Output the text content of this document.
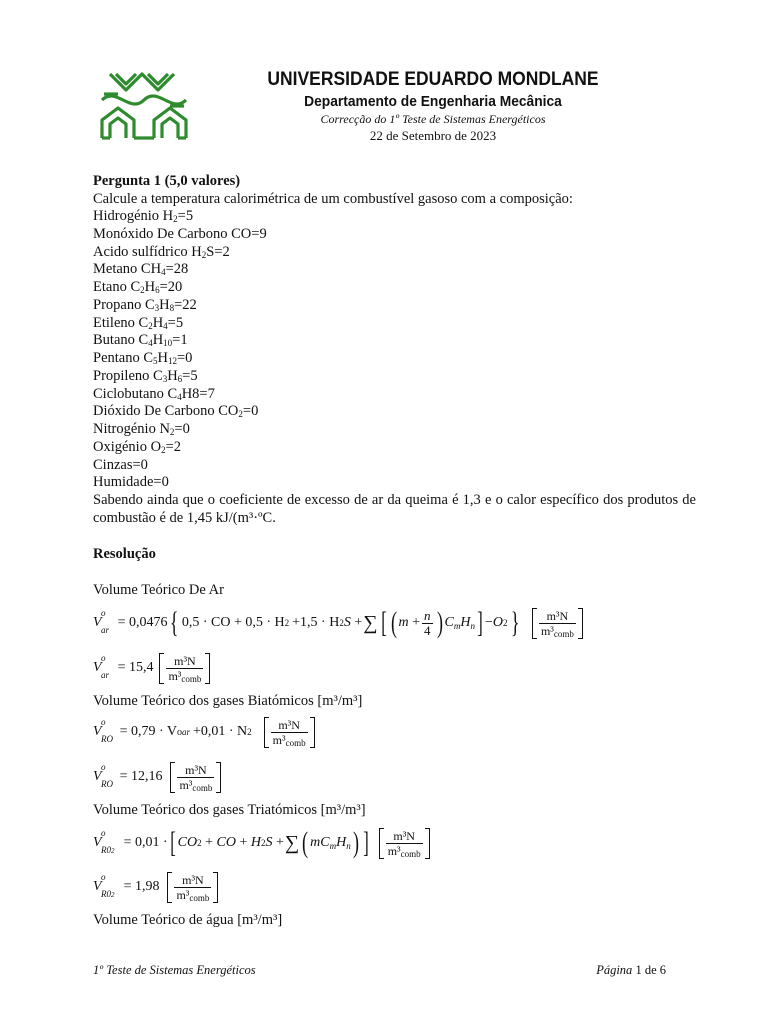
UNIVERSIDADE EDUARDO MONDLANE
Departamento de Engenharia Mecânica
Correcção do 1º Teste de Sistemas Energéticos
22 de Setembro de 2023
Pergunta 1 (5,0 valores)
Calcule a temperatura calorimétrica de um combustível gasoso com a composição:
Hidrogénio $H_2=5$
Monóxido De Carbono CO=9
Acido sulfídrico $H_2S=2$
Metano $CH_4=28$
Etano $C_2H_6=20$
Propano $C_3H_8=22$
Etileno $C_2H_4=5$
Butano $C_4H_{10}=1$
Pentano $C_5H_{12}=0$
Propileno $C_3H_6=5$
Ciclobutano $C_4H8=7$
Dióxido De Carbono $CO_2=0$
Nitrogénio $N_2=0$
Oxigénio $O_2=2$
Cinzas=0
Humidade=0
Sabendo ainda que o coeficiente de excesso de ar da queima é 1,3 e o calor específico dos produtos de combustão é de 1,45 kJ/(m³·ºC.
Resolução
Volume Teórico De Ar
V
o
ar = 0,0476 { 0,5 · CO + 0,5 · H 2 +1,5 · H 2 S + ∑ [ ( $m + \frac{n}{4}$ ) $C_mH_n$ ] − O 2 } $\frac{\text{m³N}}{m^3_{comb}}$
V
o
ar = $15,4 \frac{\text{m³N}}{m^3_{comb}}$
Volume Teórico dos gases Biatómicos [m³/m³]
V
o
RO = 0,79 · V o ar +0,01 · N $2 \frac{\text{m³N}}{m^3_{comb}}$
V
o
RO = $12,16 \frac{\text{m³N}}{m^3_{comb}}$
Volume Teórico dos gases Triatómicos [m³/m³]
V
o
R02
= 0,01 · [ CO 2 + CO + H 2 S + ∑ ( $mC_mH_n$ ) ] $\frac{\text{m³N}}{m^3_{comb}}$
V
o
R02
= $1,98 \frac{\text{m³N}}{m^3_{comb}}$
Volume Teórico de água [m³/m³]
1º Teste de Sistemas Energéticos	Página 1 de 6
